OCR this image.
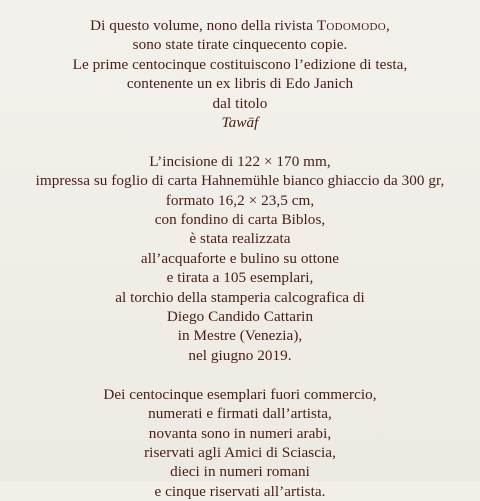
Di questo volume, nono della rivista Todomodo,
sono state tirate cinquecento copie.
Le prime centocinque costituiscono l’edizione di testa,
contenente un ex libris di Edo Janich
dal titolo
Tawāf
L’incisione di 122 × 170 mm,
impressa su foglio di carta Hahnemühle bianco ghiaccio da 300 gr,
formato 16,2 × 23,5 cm,
con fondino di carta Biblos,
è stata realizzata
all’acquaforte e bulino su ottone
e tirata a 105 esemplari,
al torchio della stamperia calcografica di
Diego Candido Cattarin
in Mestre (Venezia),
nel giugno 2019.
Dei centocinque esemplari fuori commercio,
numerati e firmati dall’artista,
novanta sono in numeri arabi,
riservati agli Amici di Sciascia,
dieci in numeri romani
e cinque riservati all’artista.
